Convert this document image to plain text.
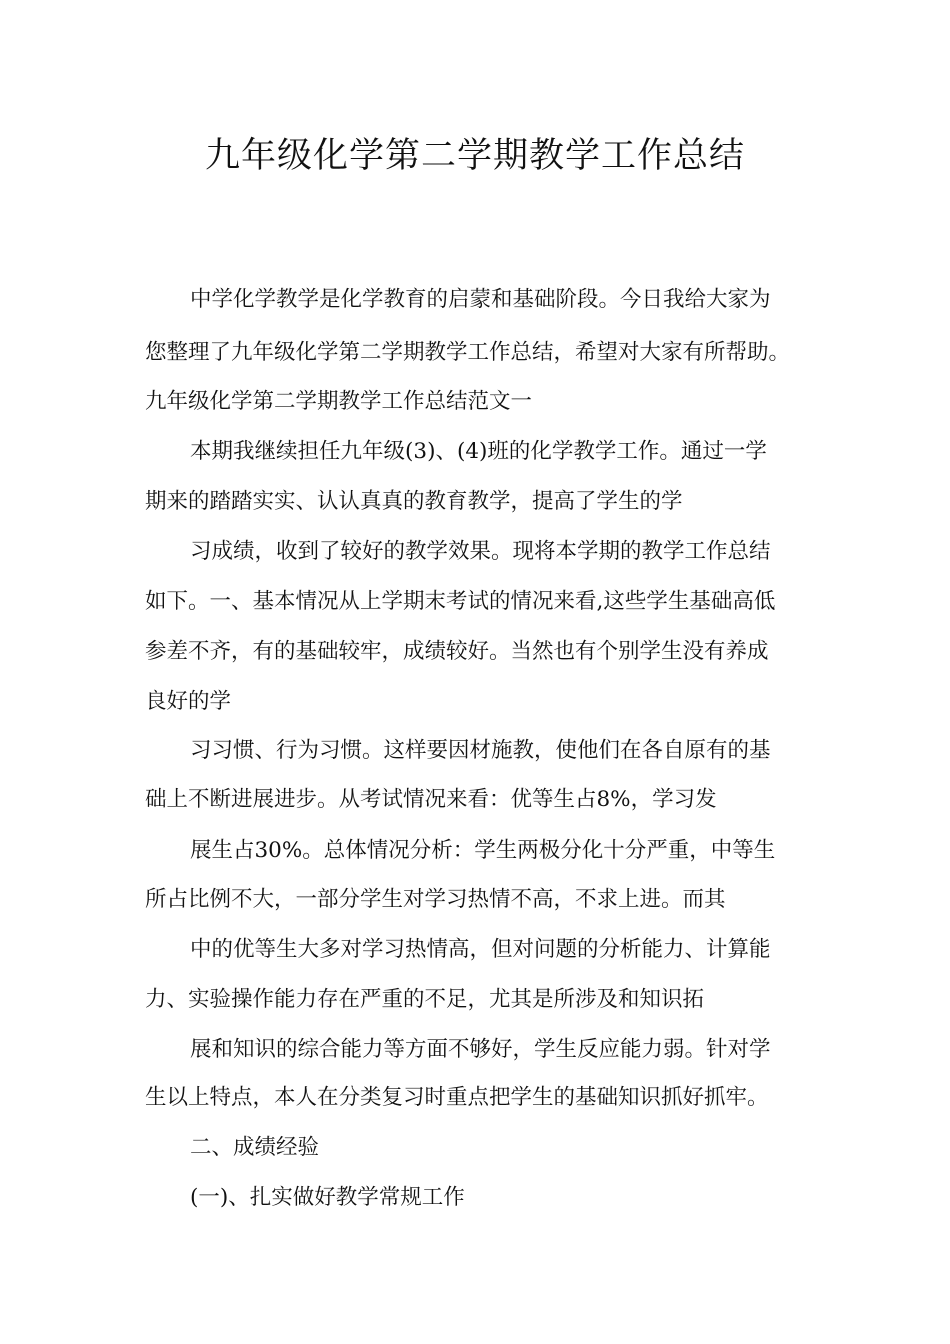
九年级化学第二学期教学工作总结
中学化学教学是化学教育的启蒙和基础阶段。今日我给大家为
您整理了九年级化学第二学期教学工作总结，希望对大家有所帮助。
九年级化学第二学期教学工作总结范文一
本期我继续担任九年级(3)、(4)班的化学教学工作。通过一学
期来的踏踏实实、认认真真的教育教学，提高了学生的学
习成绩，收到了较好的教学效果。现将本学期的教学工作总结
如下。一、基本情况从上学期末考试的情况来看,这些学生基础高低
参差不齐，有的基础较牢，成绩较好。当然也有个别学生没有养成
良好的学
习习惯、行为习惯。这样要因材施教，使他们在各自原有的基
础上不断进展进步。从考试情况来看：优等生占8%，学习发
展生占30%。总体情况分析：学生两极分化十分严重，中等生
所占比例不大，一部分学生对学习热情不高，不求上进。而其
中的优等生大多对学习热情高，但对问题的分析能力、计算能
力、实验操作能力存在严重的不足，尤其是所涉及和知识拓
展和知识的综合能力等方面不够好，学生反应能力弱。针对学
生以上特点，本人在分类复习时重点把学生的基础知识抓好抓牢。
二、成绩经验
(一)、扎实做好教学常规工作
